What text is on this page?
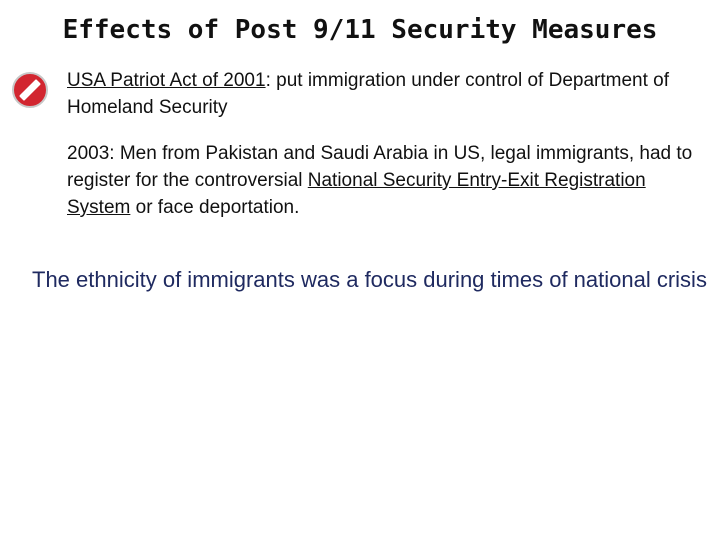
Effects of Post 9/11 Security Measures

USA Patriot Act of 2001: put immigration under control of Department of Homeland Security

2003: Men from Pakistan and Saudi Arabia in US, legal immigrants, had to register for the controversial National Security Entry-Exit Registration System or face deportation.

The ethnicity of immigrants was a focus during times of national crisis
